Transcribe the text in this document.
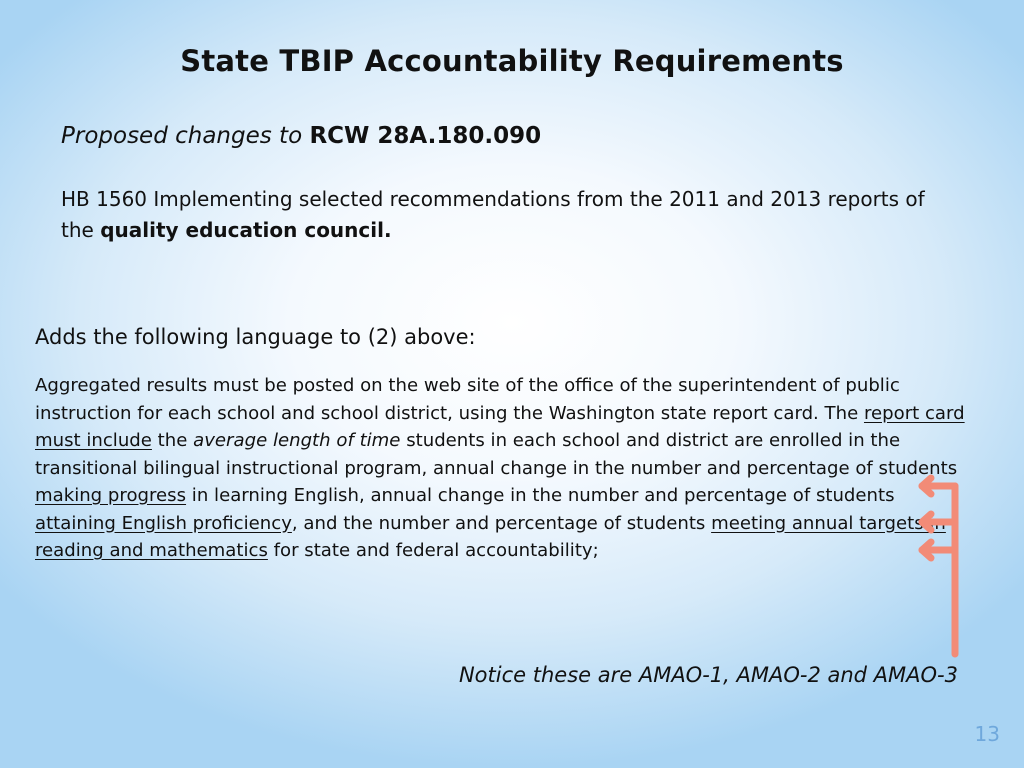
State TBIP Accountability Requirements
Proposed changes to RCW 28A.180.090
HB 1560 Implementing selected recommendations from the 2011 and 2013 reports of the quality education council.
Adds the following language to (2) above:
Aggregated results must be posted on the web site of the office of the superintendent of public instruction for each school and school district, using the Washington state report card. The report card must include the average length of time students in each school and district are enrolled in the transitional bilingual instructional program, annual change in the number and percentage of students making progress in learning English, annual change in the number and percentage of students attaining English proficiency, and the number and percentage of students meeting annual targets in reading and mathematics for state and federal accountability;
Notice these are AMAO-1, AMAO-2 and AMAO-3
13
